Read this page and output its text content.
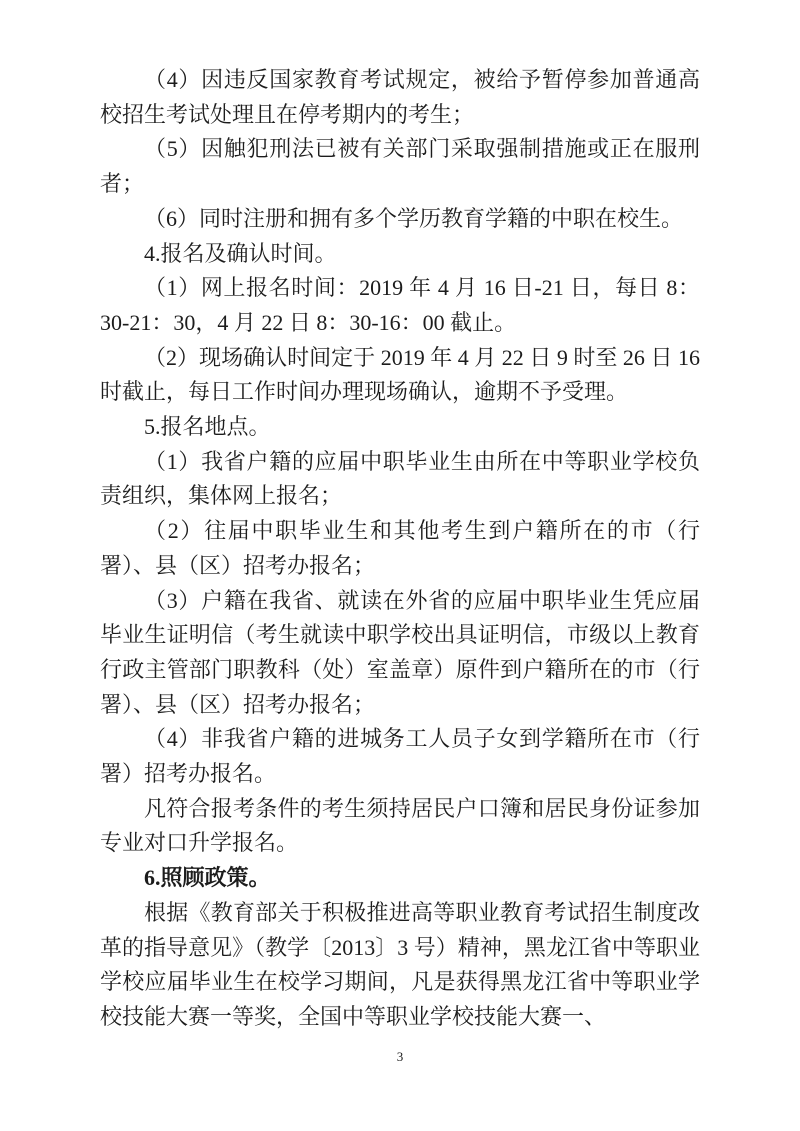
（4）因违反国家教育考试规定，被给予暂停参加普通高校招生考试处理且在停考期内的考生；

（5）因触犯刑法已被有关部门采取强制措施或正在服刑者；

（6）同时注册和拥有多个学历教育学籍的中职在校生。

4.报名及确认时间。

（1）网上报名时间：2019 年 4 月 16 日-21 日，每日 8：30-21：30，4 月 22 日 8：30-16：00 截止。

（2）现场确认时间定于 2019 年 4 月 22 日 9 时至 26 日 16 时截止，每日工作时间办理现场确认，逾期不予受理。

5.报名地点。

（1）我省户籍的应届中职毕业生由所在中等职业学校负责组织，集体网上报名；

（2）往届中职毕业生和其他考生到户籍所在的市（行署）、县（区）招考办报名；

（3）户籍在我省、就读在外省的应届中职毕业生凭应届毕业生证明信（考生就读中职学校出具证明信，市级以上教育行政主管部门职教科（处）室盖章）原件到户籍所在的市（行署）、县（区）招考办报名；

（4）非我省户籍的进城务工人员子女到学籍所在市（行署）招考办报名。

凡符合报考条件的考生须持居民户口簿和居民身份证参加专业对口升学报名。

6.照顾政策。

根据《教育部关于积极推进高等职业教育考试招生制度改革的指导意见》（教学〔2013〕3 号）精神，黑龙江省中等职业学校应届毕业生在校学习期间，凡是获得黑龙江省中等职业学校技能大赛一等奖，全国中等职业学校技能大赛一、

3
